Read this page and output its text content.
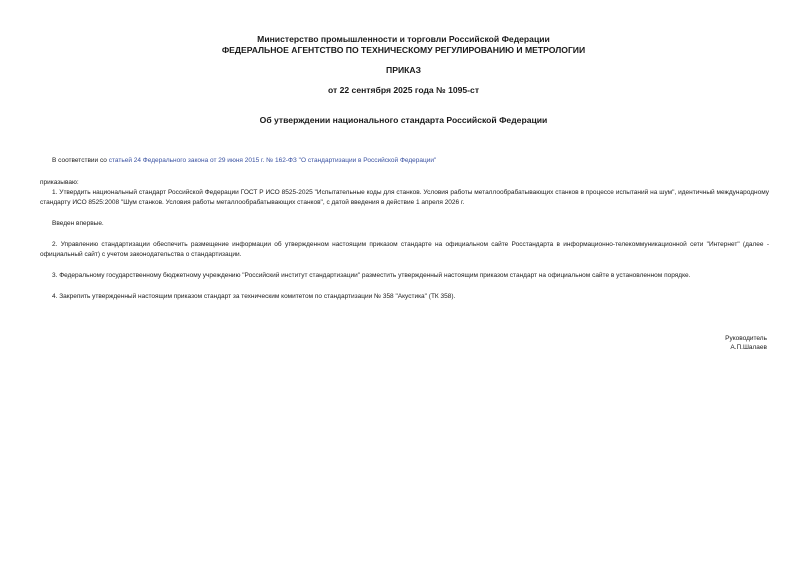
Министерство промышленности и торговли Российской Федерации
ФЕДЕРАЛЬНОЕ АГЕНТСТВО ПО ТЕХНИЧЕСКОМУ РЕГУЛИРОВАНИЮ И МЕТРОЛОГИИ
ПРИКАЗ
от 22 сентября 2025 года № 1095-ст
Об утверждении национального стандарта Российской Федерации
В соответствии со статьей 24 Федерального закона от 29 июня 2015 г. № 162-ФЗ "О стандартизации в Российской Федерации"
приказываю:
1. Утвердить национальный стандарт Российской Федерации ГОСТ Р ИСО 8525-2025 "Испытательные коды для станков. Условия работы металлообрабатывающих станков в процессе испытаний на шум", идентичный международному стандарту ИСО 8525:2008 "Шум станков. Условия работы металлообрабатывающих станков", с датой введения в действие 1 апреля 2026 г.
Введен впервые.
2. Управлению стандартизации обеспечить размещение информации об утвержденном настоящим приказом стандарте на официальном сайте Росстандарта в информационно-телекоммуникационной сети "Интернет" (далее - официальный сайт) с учетом законодательства о стандартизации.
3. Федеральному государственному бюджетному учреждению "Российский институт стандартизации" разместить утвержденный настоящим приказом стандарт на официальном сайте в установленном порядке.
4. Закрепить утвержденный настоящим приказом стандарт за техническим комитетом по стандартизации № 358 "Акустика" (ТК 358).
Руководитель
А.П.Шалаев
